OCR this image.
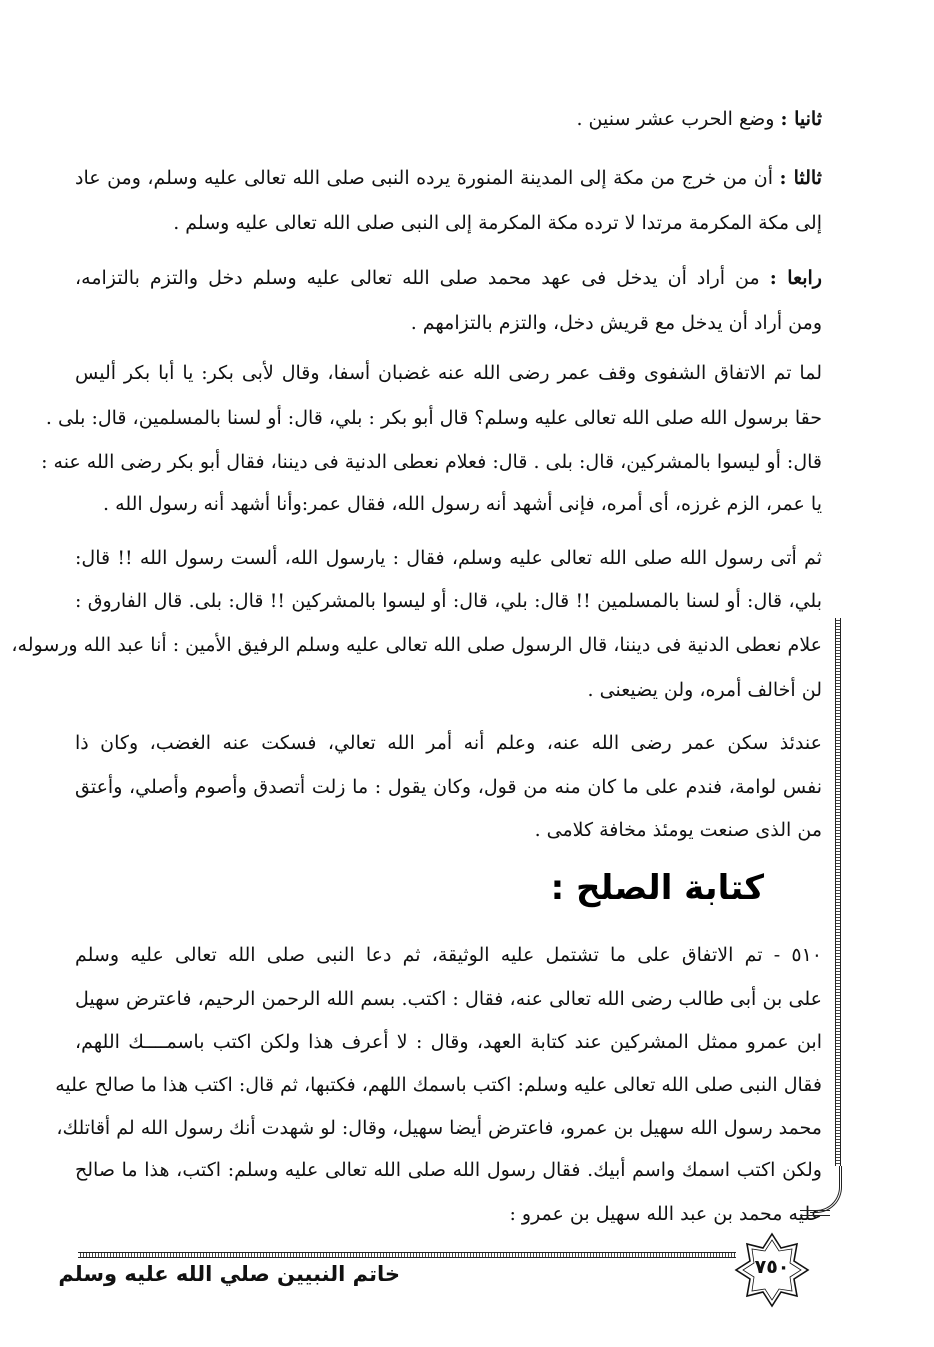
ثانيا : وضع الحرب عشر سنين .
ثالثا : أن من خرج من مكة إلى المدينة المنورة يرده النبى صلى الله تعالى عليه وسلم، ومن عاد
إلى مكة المكرمة مرتدا لا ترده مكة المكرمة إلى النبى صلى الله تعالى عليه وسلم .
رابعا : من أراد أن يدخل فى عهد محمد صلى الله تعالى عليه وسلم دخل والتزم بالتزامه،
ومن أراد أن يدخل مع قريش دخل، والتزم بالتزامهم .
لما تم الاتفاق الشفوى وقف عمر رضى الله عنه غضبان أسفا، وقال لأبى بكر: يا أبا بكر أليس
حقا برسول الله صلى الله تعالى عليه وسلم؟ قال أبو بكر : بلي، قال: أو لسنا بالمسلمين، قال: بلى .
قال: أو ليسوا بالمشركين، قال: بلى . قال: فعلام نعطى الدنية فى ديننا، فقال أبو بكر رضى الله عنه :
يا عمر، الزم غرزه، أى أمره، فإنى أشهد أنه رسول الله، فقال عمر:وأنا أشهد أنه رسول الله .
ثم أتى رسول الله صلى الله تعالى عليه وسلم، فقال : يارسول الله، ألست رسول الله !! قال:
بلي، قال: أو لسنا بالمسلمين !! قال: بلي، قال: أو ليسوا بالمشركين !! قال: بلى. قال الفاروق :
علام نعطى الدنية فى ديننا، قال الرسول صلى الله تعالى عليه وسلم الرفيق الأمين : أنا عبد الله ورسوله،
لن أخالف أمره، ولن يضيعنى .
عندئذ سكن عمر رضى الله عنه، وعلم أنه أمر الله تعالي، فسكت عنه الغضب، وكان ذا
نفس لوامة، فندم على ما كان منه من قول، وكان يقول : ما زلت أتصدق وأصوم وأصلي، وأعتق
من الذى صنعت يومئذ مخافة كلامى .
كتابة الصلح :
٥١٠ - تم الاتفاق على ما تشتمل عليه الوثيقة، ثم دعا النبى صلى الله تعالى عليه وسلم
على بن أبى طالب رضى الله تعالى عنه، فقال : اكتب. بسم الله الرحمن الرحيم، فاعترض سهيل
ابن عمرو ممثل المشركين عند كتابة العهد، وقال : لا أعرف هذا ولكن اكتب باسمــــك اللهم،
فقال النبى صلى الله تعالى عليه وسلم: اكتب باسمك اللهم، فكتبها، ثم قال: اكتب هذا ما صالح عليه
محمد رسول الله سهيل بن عمرو، فاعترض أيضا سهيل، وقال: لو شهدت أنك رسول الله لم أقاتلك،
ولكن اكتب اسمك واسم أبيك. فقال رسول الله صلى الله تعالى عليه وسلم: اكتب، هذا ما صالح
عليه محمد بن عبد الله سهيل بن عمرو :
خاتم النبيين صلي الله عليه وسلم	٧٥٠
